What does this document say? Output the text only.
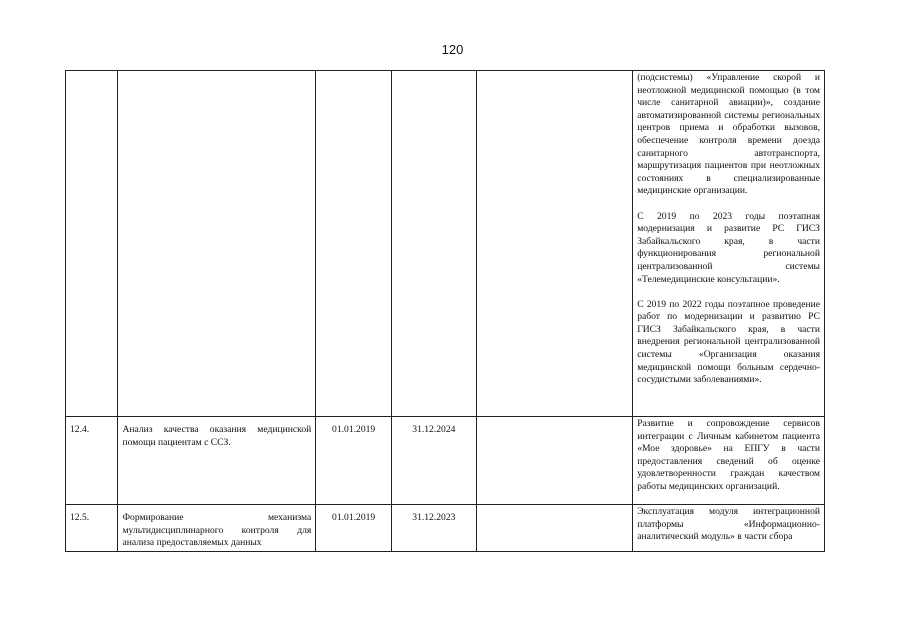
120

					(подсистемы) «Управление скорой и неотложной медицинской помощью (в том числе санитарной авиации)», создание автоматизированной системы региональных центров приема и обработки вызовов, обеспечение контроля времени доезда санитарного автотранспорта, маршрутизация пациентов при неотложных состояниях в специализированные медицинские организации.
С 2019 по 2023 годы поэтапная модернизация и развитие РС ГИСЗ Забайкальского края, в части функционирования региональной централизованной системы «Телемедицинские консультации».
С 2019 по 2022 годы поэтапное проведение работ по модернизации и развитию РС ГИСЗ Забайкальского края, в части внедрения региональной централизованной системы «Организация оказания медицинской помощи больным сердечно-сосудистыми заболеваниями».

12.4.	Анализ качества оказания медицинской помощи пациентам с ССЗ.	01.01.2019	31.12.2024		Развитие и сопровождение сервисов интеграции с Личным кабинетом пациента «Мое здоровье» на ЕПГУ в части предоставления сведений об оценке удовлетворенности граждан качеством работы медицинских организаций.

12.5.	Формирование механизма мультидисциплинарного контроля для анализа предоставляемых данных	01.01.2019	31.12.2023		Эксплуатация модуля интеграционной платформы «Информационно-аналитический модуль» в части сбора
